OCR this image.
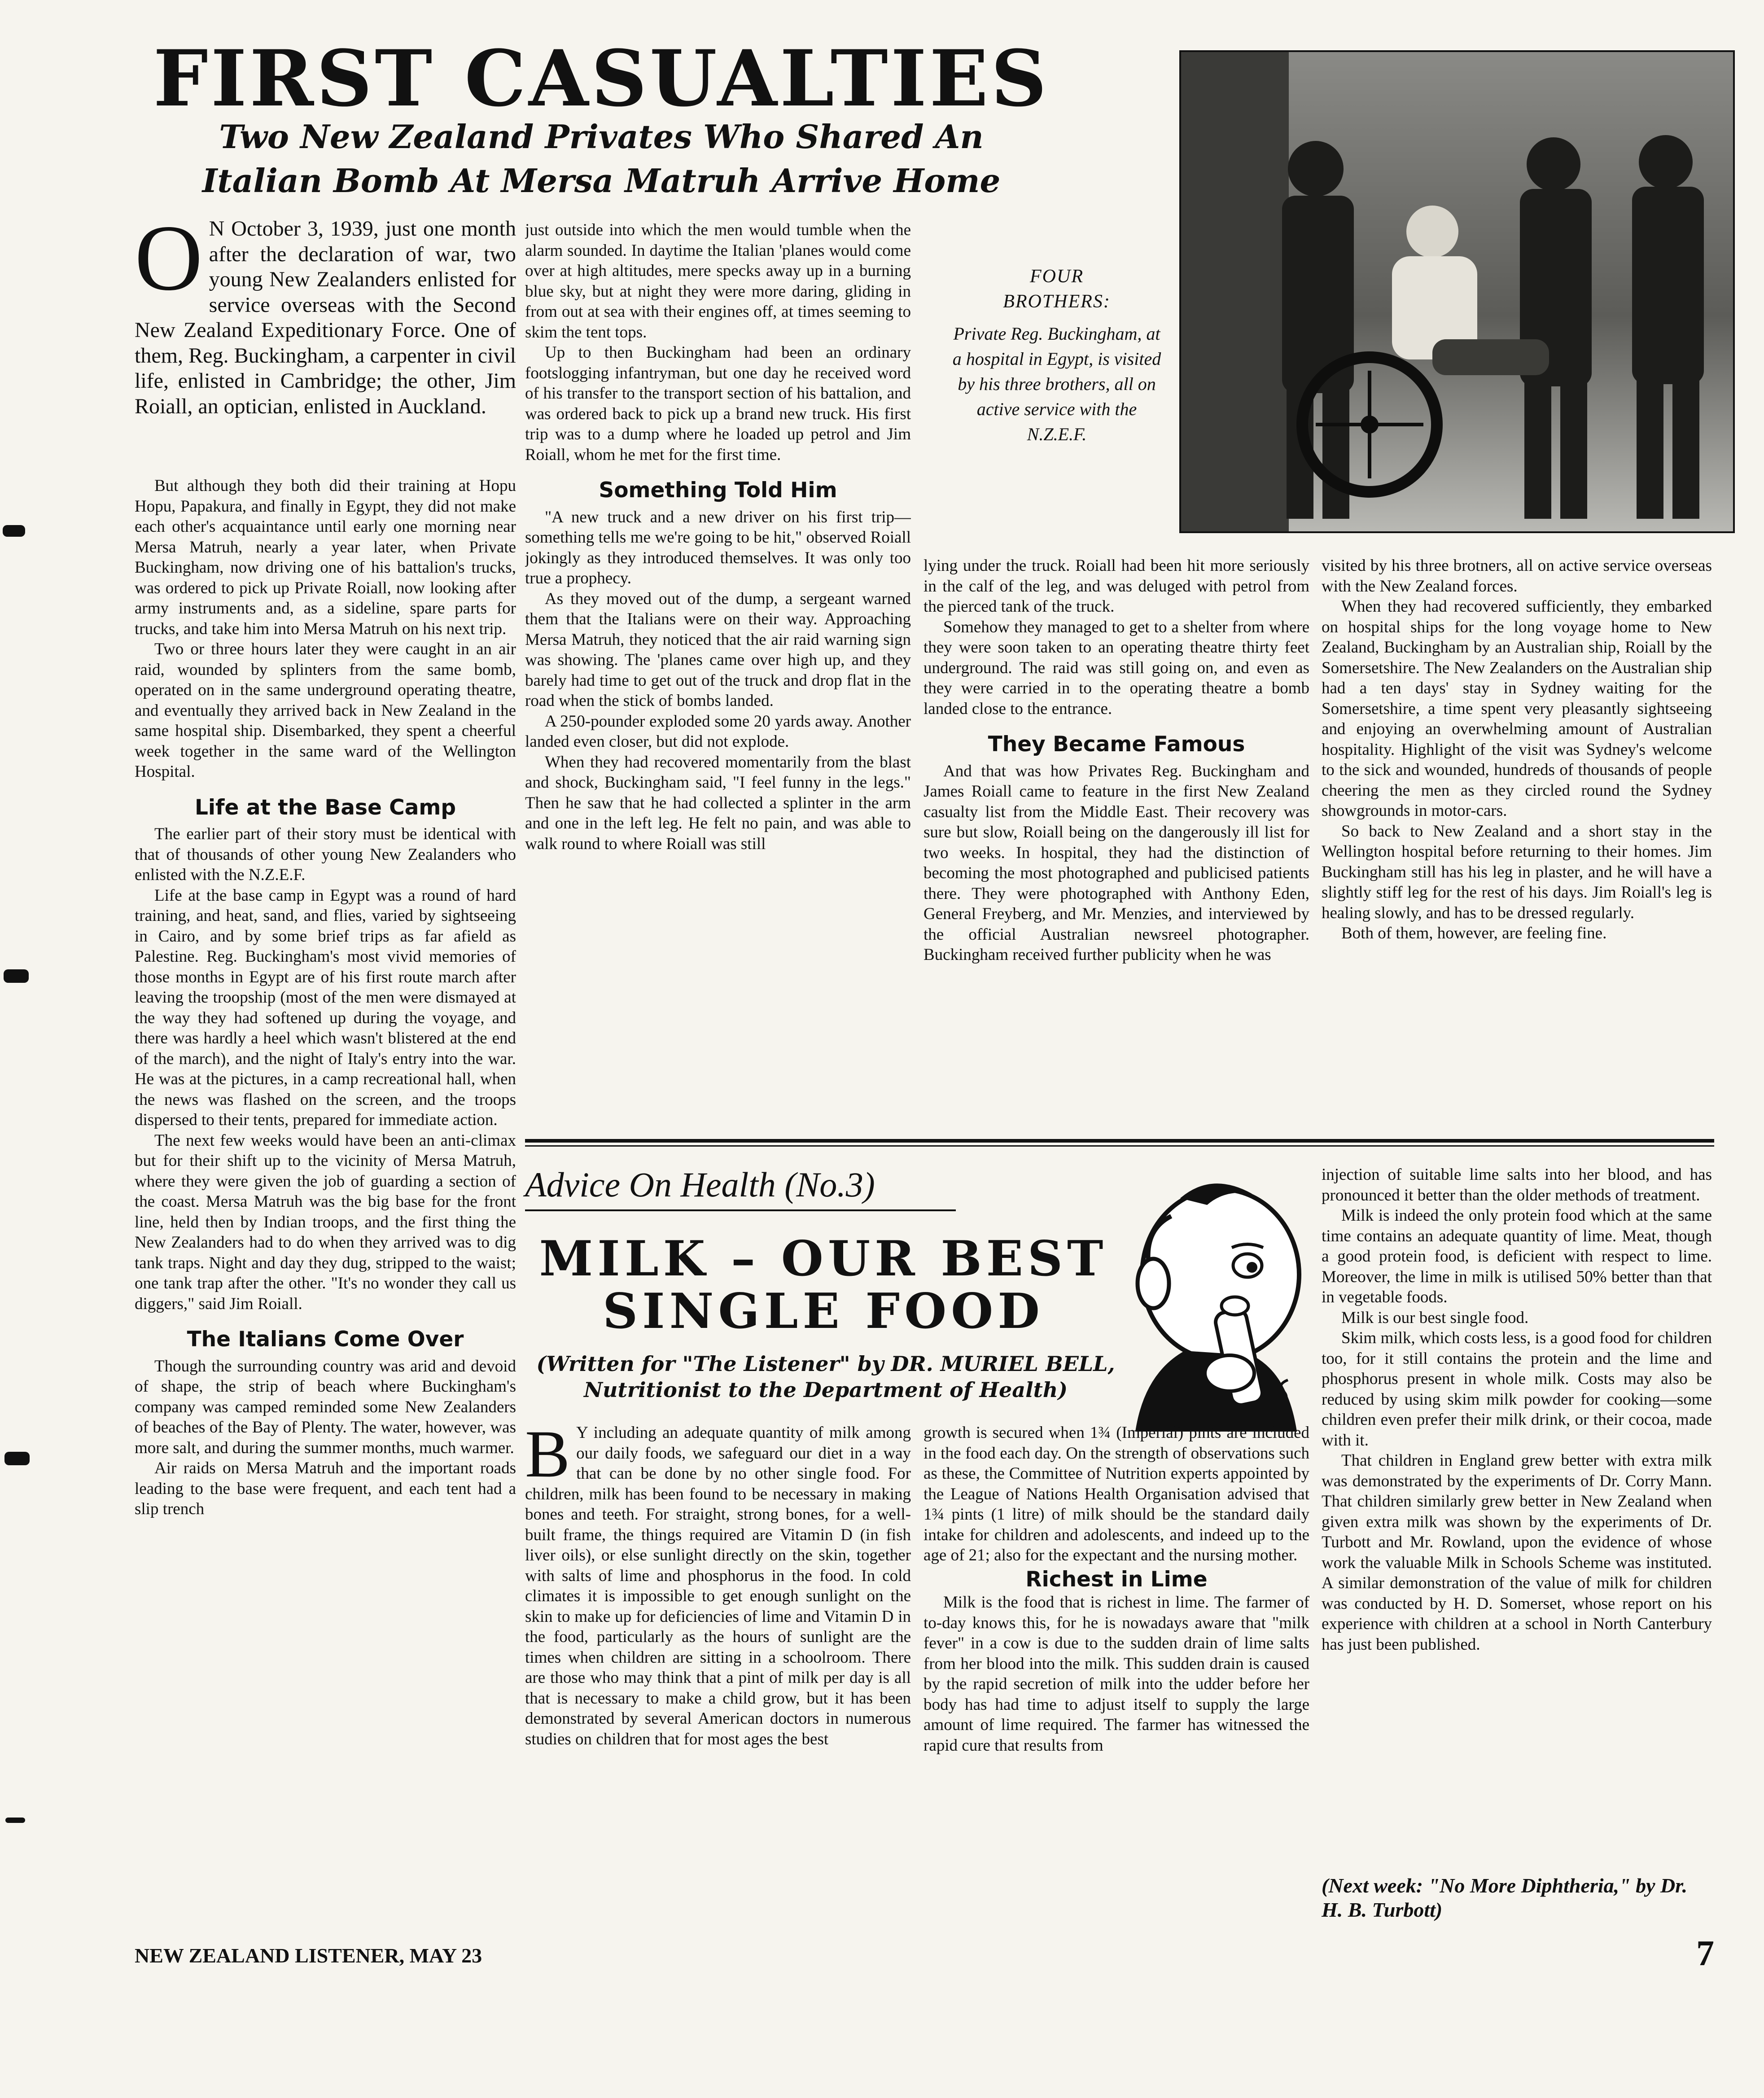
FIRST CASUALTIES
Two New Zealand Privates Who Shared An
Italian Bomb At Mersa Matruh Arrive Home
FOUR BROTHERS:
Private Reg. Buckingham, at a hospital in Egypt, is visited by his three brothers, all on active service with the N.Z.E.F.
O N October 3, 1939, just one month after the declaration of war, two young New Zealanders enlisted for service overseas with the Second New Zealand Expeditionary Force. One of them, Reg. Buckingham, a carpenter in civil life, enlisted in Cambridge; the other, Jim Roiall, an optician, enlisted in Auckland.

But although they both did their training at Hopu Hopu, Papakura, and finally in Egypt, they did not make each other's acquaintance until early one morning near Mersa Matruh, nearly a year later, when Private Buckingham, now driving one of his battalion's trucks, was ordered to pick up Private Roiall, now looking after army instruments and, as a sideline, spare parts for trucks, and take him into Mersa Matruh on his next trip.

Two or three hours later they were caught in an air raid, wounded by splinters from the same bomb, operated on in the same underground operating theatre, and eventually they arrived back in New Zealand in the same hospital ship. Disembarked, they spent a cheerful week together in the same ward of the Wellington Hospital.

Life at the Base Camp

The earlier part of their story must be identical with that of thousands of other young New Zealanders who enlisted with the N.Z.E.F.

Life at the base camp in Egypt was a round of hard training, and heat, sand, and flies, varied by sightseeing in Cairo, and by some brief trips as far afield as Palestine. Reg. Buckingham's most vivid memories of those months in Egypt are of his first route march after leaving the troopship (most of the men were dismayed at the way they had softened up during the voyage, and there was hardly a heel which wasn't blistered at the end of the march), and the night of Italy's entry into the war. He was at the pictures, in a camp recreational hall, when the news was flashed on the screen, and the troops dispersed to their tents, prepared for immediate action.

The next few weeks would have been an anti-climax but for their shift up to the vicinity of Mersa Matruh, where they were given the job of guarding a section of the coast. Mersa Matruh was the big base for the front line, held then by Indian troops, and the first thing the New Zealanders had to do when they arrived was to dig tank traps. Night and day they dug, stripped to the waist; one tank trap after the other. "It's no wonder they call us diggers," said Jim Roiall.

The Italians Come Over

Though the surrounding country was arid and devoid of shape, the strip of beach where Buckingham's company was camped reminded some New Zealanders of beaches of the Bay of Plenty. The water, however, was more salt, and during the summer months, much warmer.

Air raids on Mersa Matruh and the important roads leading to the base were frequent, and each tent had a slip trench

just outside into which the men would tumble when the alarm sounded. In daytime the Italian 'planes would come over at high altitudes, mere specks away up in a burning blue sky, but at night they were more daring, gliding in from out at sea with their engines off, at times seeming to skim the tent tops.

Up to then Buckingham had been an ordinary footslogging infantryman, but one day he received word of his transfer to the transport section of his battalion, and was ordered back to pick up a brand new truck. His first trip was to a dump where he loaded up petrol and Jim Roiall, whom he met for the first time.

Something Told Him

"A new truck and a new driver on his first trip—something tells me we're going to be hit," observed Roiall jokingly as they introduced themselves. It was only too true a prophecy.

As they moved out of the dump, a sergeant warned them that the Italians were on their way. Approaching Mersa Matruh, they noticed that the air raid warning sign was showing. The 'planes came over high up, and they barely had time to get out of the truck and drop flat in the road when the stick of bombs landed.

A 250-pounder exploded some 20 yards away. Another landed even closer, but did not explode.

When they had recovered momentarily from the blast and shock, Buckingham said, "I feel funny in the legs." Then he saw that he had collected a splinter in the arm and one in the left leg. He felt no pain, and was able to walk round to where Roiall was still

lying under the truck. Roiall had been hit more seriously in the calf of the leg, and was deluged with petrol from the pierced tank of the truck.

Somehow they managed to get to a shelter from where they were soon taken to an operating theatre thirty feet underground. The raid was still going on, and even as they were carried in to the operating theatre a bomb landed close to the entrance.

They Became Famous

And that was how Privates Reg. Buckingham and James Roiall came to feature in the first New Zealand casualty list from the Middle East. Their recovery was sure but slow, Roiall being on the dangerously ill list for two weeks. In hospital, they had the distinction of becoming the most photographed and publicised patients there. They were photographed with Anthony Eden, General Freyberg, and Mr. Menzies, and interviewed by the official Australian newsreel photographer. Buckingham received further publicity when he was

visited by his three brotners, all on active service overseas with the New Zealand forces.

When they had recovered sufficiently, they embarked on hospital ships for the long voyage home to New Zealand, Buckingham by an Australian ship, Roiall by the Somersetshire. The New Zealanders on the Australian ship had a ten days' stay in Sydney waiting for the Somersetshire, a time spent very pleasantly sightseeing and enjoying an overwhelming amount of Australian hospitality. Highlight of the visit was Sydney's welcome to the sick and wounded, hundreds of thousands of people cheering the men as they circled round the Sydney showgrounds in motor-cars.

So back to New Zealand and a short stay in the Wellington hospital before returning to their homes. Jim Buckingham still has his leg in plaster, and he will have a slightly stiff leg for the rest of his days. Jim Roiall's leg is healing slowly, and has to be dressed regularly.

Both of them, however, are feeling fine.

Advice On Health (No.3)
MILK – OUR BEST
SINGLE FOOD
(Written for "The Listener" by DR. MURIEL BELL,
Nutritionist to the Department of Health)
B Y including an adequate quantity of milk among our daily foods, we safeguard our diet in a way that can be done by no other single food. For children, milk has been found to be necessary in making bones and teeth. For straight, strong bones, for a well-built frame, the things required are Vitamin D (in fish liver oils), or else sunlight directly on the skin, together with salts of lime and phosphorus in the food. In cold climates it is impossible to get enough sunlight on the skin to make up for deficiencies of lime and Vitamin D in the food, particularly as the hours of sunlight are the times when children are sitting in a schoolroom. There are those who may think that a pint of milk per day is all that is necessary to make a child grow, but it has been demonstrated by several American doctors in numerous studies on children that for most ages the best

growth is secured when 1¾ (Imperial) pints are included in the food each day. On the strength of observations such as these, the Committee of Nutrition experts appointed by the League of Nations Health Organisation advised that 1¾ pints (1 litre) of milk should be the standard daily intake for children and adolescents, and indeed up to the age of 21; also for the expectant and the nursing mother.

Richest in Lime

Milk is the food that is richest in lime. The farmer of to-day knows this, for he is nowadays aware that "milk fever" in a cow is due to the sudden drain of lime salts from her blood into the milk. This sudden drain is caused by the rapid secretion of milk into the udder before her body has had time to adjust itself to supply the large amount of lime required. The farmer has witnessed the rapid cure that results from

injection of suitable lime salts into her blood, and has pronounced it better than the older methods of treatment.

Milk is indeed the only protein food which at the same time contains an adequate quantity of lime. Meat, though a good protein food, is deficient with respect to lime. Moreover, the lime in milk is utilised 50% better than that in vegetable foods.

Milk is our best single food.

Skim milk, which costs less, is a good food for children too, for it still contains the protein and the lime and phosphorus present in whole milk. Costs may also be reduced by using skim milk powder for cooking—some children even prefer their milk drink, or their cocoa, made with it.

That children in England grew better with extra milk was demonstrated by the experiments of Dr. Corry Mann. That children similarly grew better in New Zealand when given extra milk was shown by the experiments of Dr. Turbott and Mr. Rowland, upon the evidence of whose work the valuable Milk in Schools Scheme was instituted. A similar demonstration of the value of milk for children was conducted by H. D. Somerset, whose report on his experience with children at a school in North Canterbury has just been published.

(Next week: "No More Diphtheria," by Dr. H. B. Turbott)
NEW ZEALAND LISTENER, MAY 23	7
